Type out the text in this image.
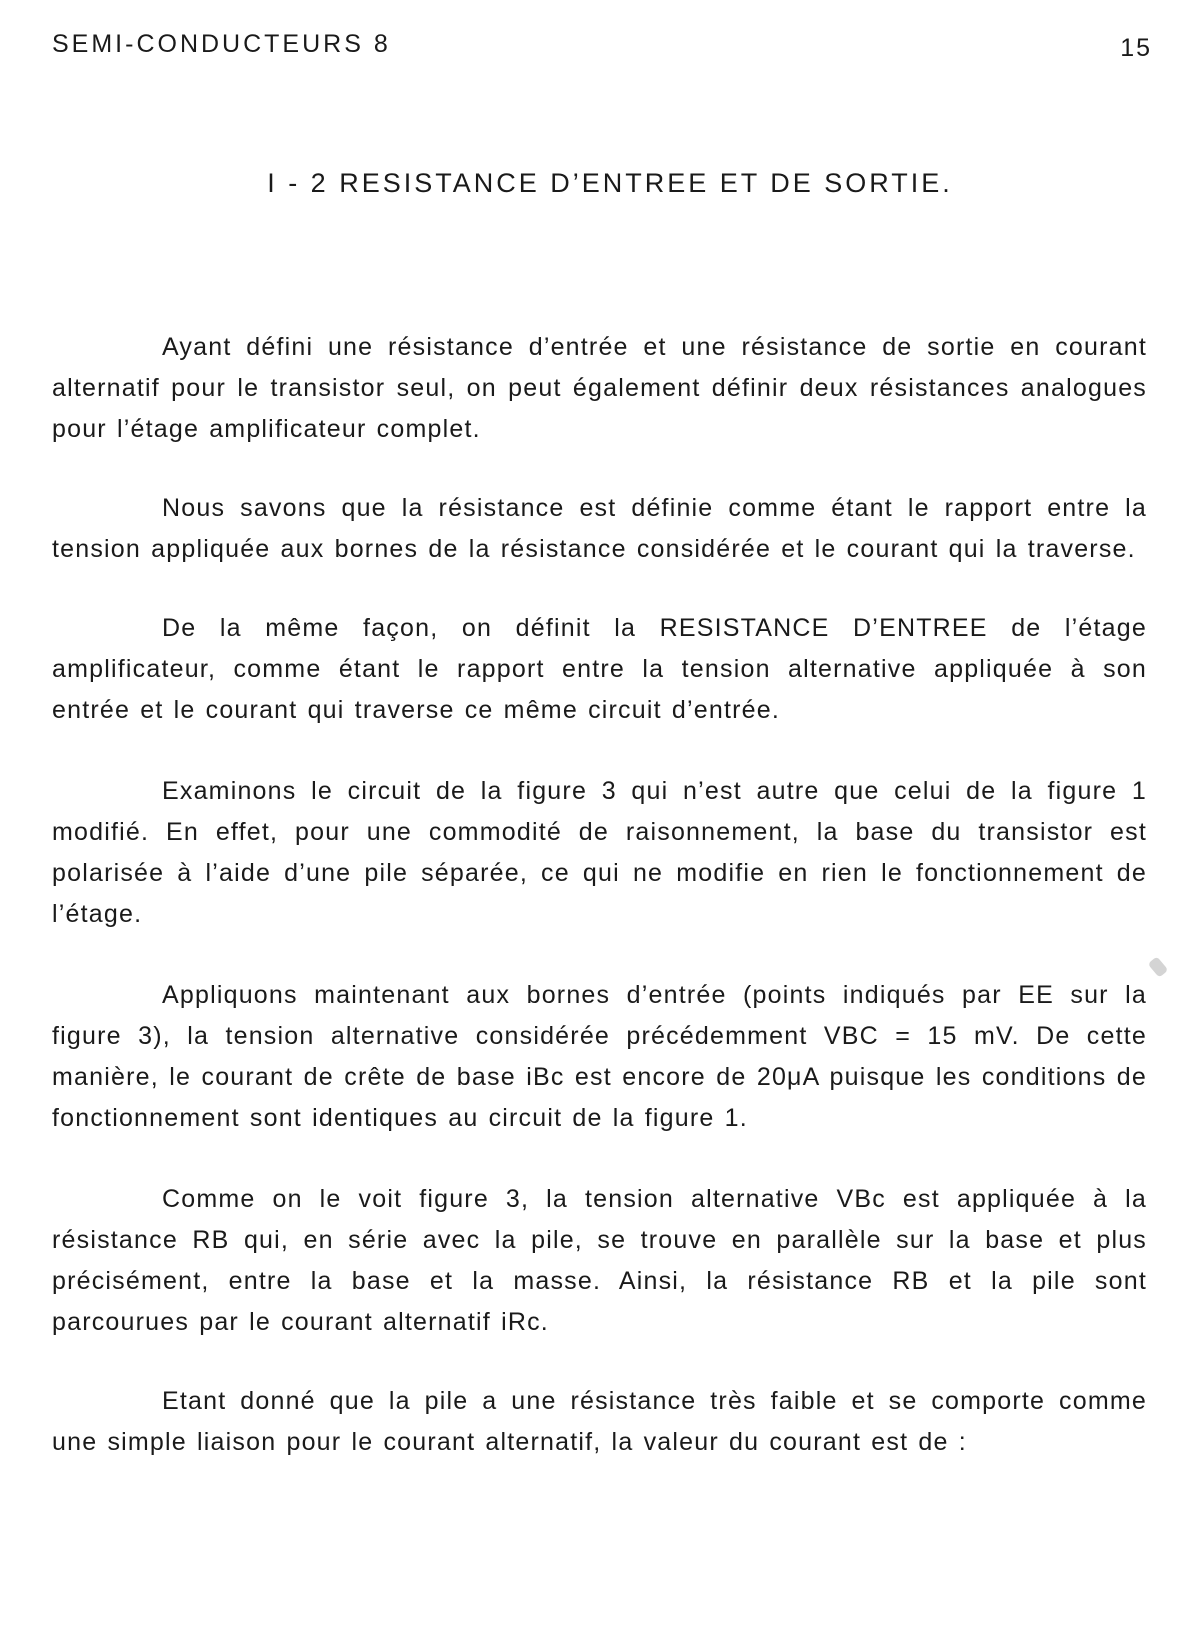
SEMI-CONDUCTEURS 8	15
I - 2 RESISTANCE D’ENTREE ET DE SORTIE.

Ayant défini une résistance d’entrée et une résistance de sortie en courant alternatif pour le transistor seul, on peut également définir deux résistances analogues pour l’étage amplificateur complet.

Nous savons que la résistance est définie comme étant le rapport entre la tension appliquée aux bornes de la résistance considérée et le courant qui la traverse.

De la même façon, on définit la RESISTANCE D’ENTREE de l’étage amplificateur, comme étant le rapport entre la tension alternative appliquée à son entrée et le courant qui traverse ce même circuit d’entrée.

Examinons le circuit de la figure 3 qui n’est autre que celui de la figure 1 modifié. En effet, pour une commodité de raisonnement, la base du transistor est polarisée à l’aide d’une pile séparée, ce qui ne modifie en rien le fonctionnement de l’étage.

Appliquons maintenant aux bornes d’entrée (points indiqués par EE sur la figure 3), la tension alternative considérée précédemment VBC = 15 mV. De cette manière, le courant de crête de base iBc est encore de 20μA puisque les conditions de fonctionnement sont identiques au circuit de la figure 1.

Comme on le voit figure 3, la tension alternative VBc est appliquée à la résistance RB qui, en série avec la pile, se trouve en parallèle sur la base et plus précisément, entre la base et la masse. Ainsi, la résistance RB et la pile sont parcourues par le courant alternatif iRc.

Etant donné que la pile a une résistance très faible et se comporte comme une simple liaison pour le courant alternatif, la valeur du courant est de :
